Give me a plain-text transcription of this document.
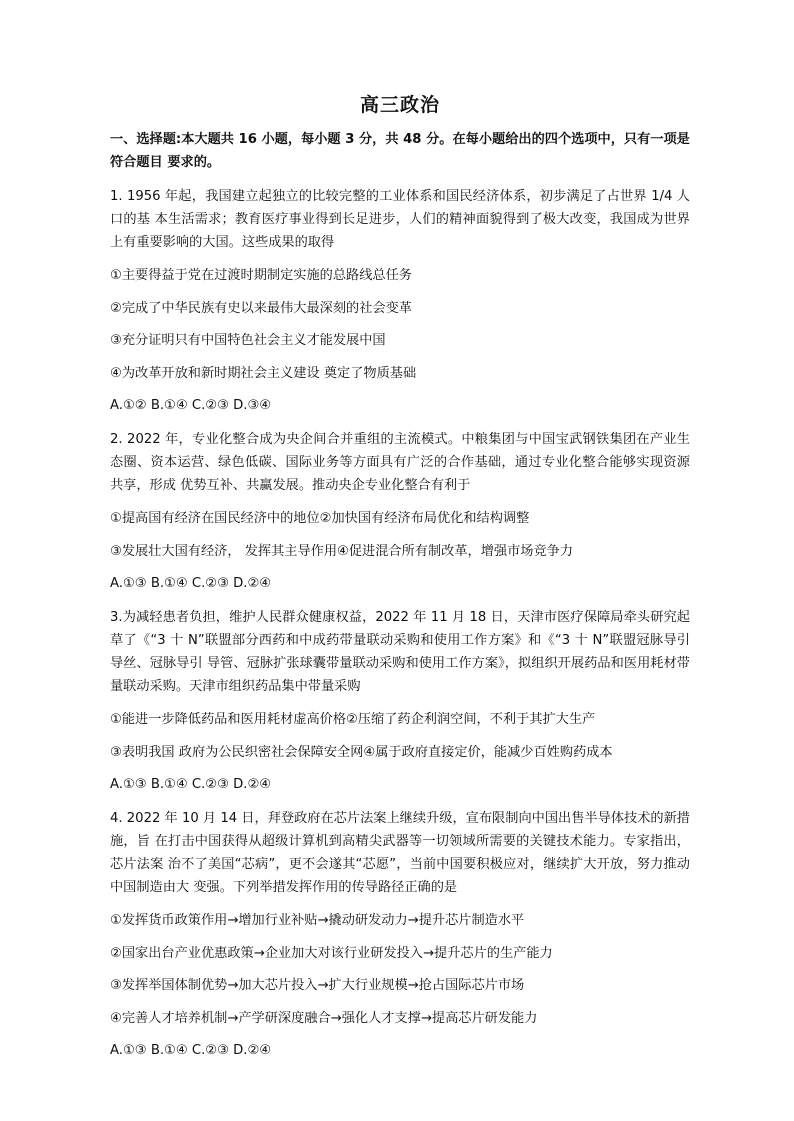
高三政治
一、选择题:本大题共 16 小题，每小题 3 分，共 48 分。在每小题给出的四个选项中，只有一项是符合题目 要求的。
1. 1956 年起，我国建立起独立的比较完整的工业体系和国民经济体系，初步满足了占世界 1/4 人口的基 本生活需求；教育医疗事业得到长足进步，人们的精神面貌得到了极大改变，我国成为世界上有重要影响的大国。这些成果的取得
①主要得益于党在过渡时期制定实施的总路线总任务
②完成了中华民族有史以来最伟大最深刻的社会变革
③充分证明只有中国特色社会主义才能发展中国
④为改革开放和新时期社会主义建设 奠定了物质基础
A.①② B.①④ C.②③ D.③④
2. 2022 年，专业化整合成为央企间合并重组的主流模式。中粮集团与中国宝武钢铁集团在产业生态圈、资本运营、绿色低碳、国际业务等方面具有广泛的合作基础，通过专业化整合能够实现资源共享，形成 优势互补、共赢发展。推动央企专业化整合有利于
①提高国有经济在国民经济中的地位②加快国有经济布局优化和结构调整
③发展壮大国有经济， 发挥其主导作用④促进混合所有制改革，增强市场竞争力
A.①③ B.①④ C.②③ D.②④
3.为减轻患者负担，维护人民群众健康权益，2022 年 11 月 18 日，天津市医疗保障局牵头研究起草了《“3 十 N”联盟部分西药和中成药带量联动采购和使用工作方案》和《“3 十 N”联盟冠脉导引导丝、冠脉导引 导管、冠脉扩张球囊带量联动采购和使用工作方案》，拟组织开展药品和医用耗材带量联动采购。天津市组织药品集中带量采购
①能进一步降低药品和医用耗材虚高价格②压缩了药企利润空间，不利于其扩大生产
③表明我国 政府为公民织密社会保障安全网④属于政府直接定价，能减少百姓购药成本
A.①③ B.①④ C.②③ D.②④
4. 2022 年 10 月 14 日，拜登政府在芯片法案上继续升级，宣布限制向中国出售半导体技术的新措施，旨 在打击中国获得从超级计算机到高精尖武器等一切领域所需要的关键技术能力。专家指出，芯片法案 治不了美国“芯病”，更不会遂其“芯愿”，当前中国要积极应对，继续扩大开放，努力推动中国制造由大 变强。下列举措发挥作用的传导路径正确的是
①发挥货币政策作用→增加行业补贴→撬动研发动力→提升芯片制造水平
②国家出台产业优惠政策→企业加大对该行业研发投入→提升芯片的生产能力
③发挥举国体制优势→加大芯片投入→扩大行业规模→抢占国际芯片市场
④完善人才培养机制→产学研深度融合→强化人才支撑→提高芯片研发能力
A.①③ B.①④ C.②③ D.②④
